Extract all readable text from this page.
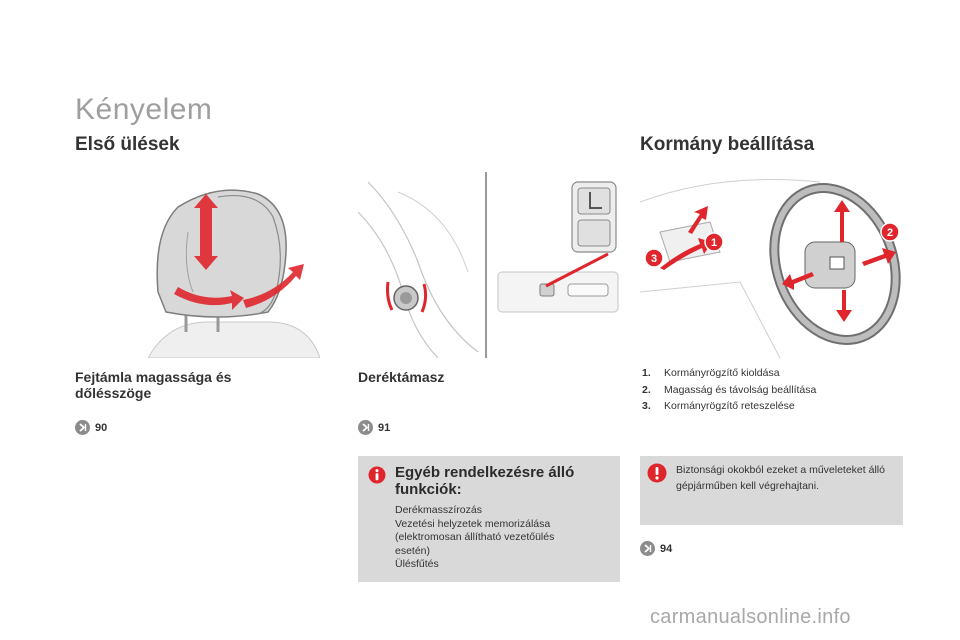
Kényelem
Első ülések	Kormány beállítása
1
2
3
Fejtámla magassága és dőlésszöge
Deréktámasz
90	91
1.	Kormányrögzítő kioldása
2.	Magasság és távolság beállítása
3.	Kormányrögzítő reteszelése
Egyéb rendelkezésre álló funkciók:
Derékmasszírozás
Vezetési helyzetek memorizálása
(elektromosan állítható vezetőülés
esetén)
Ülésfűtés
Biztonsági okokból ezeket a műveleteket álló gépjárműben kell végrehajtani.
94
carmanualsonline.info
